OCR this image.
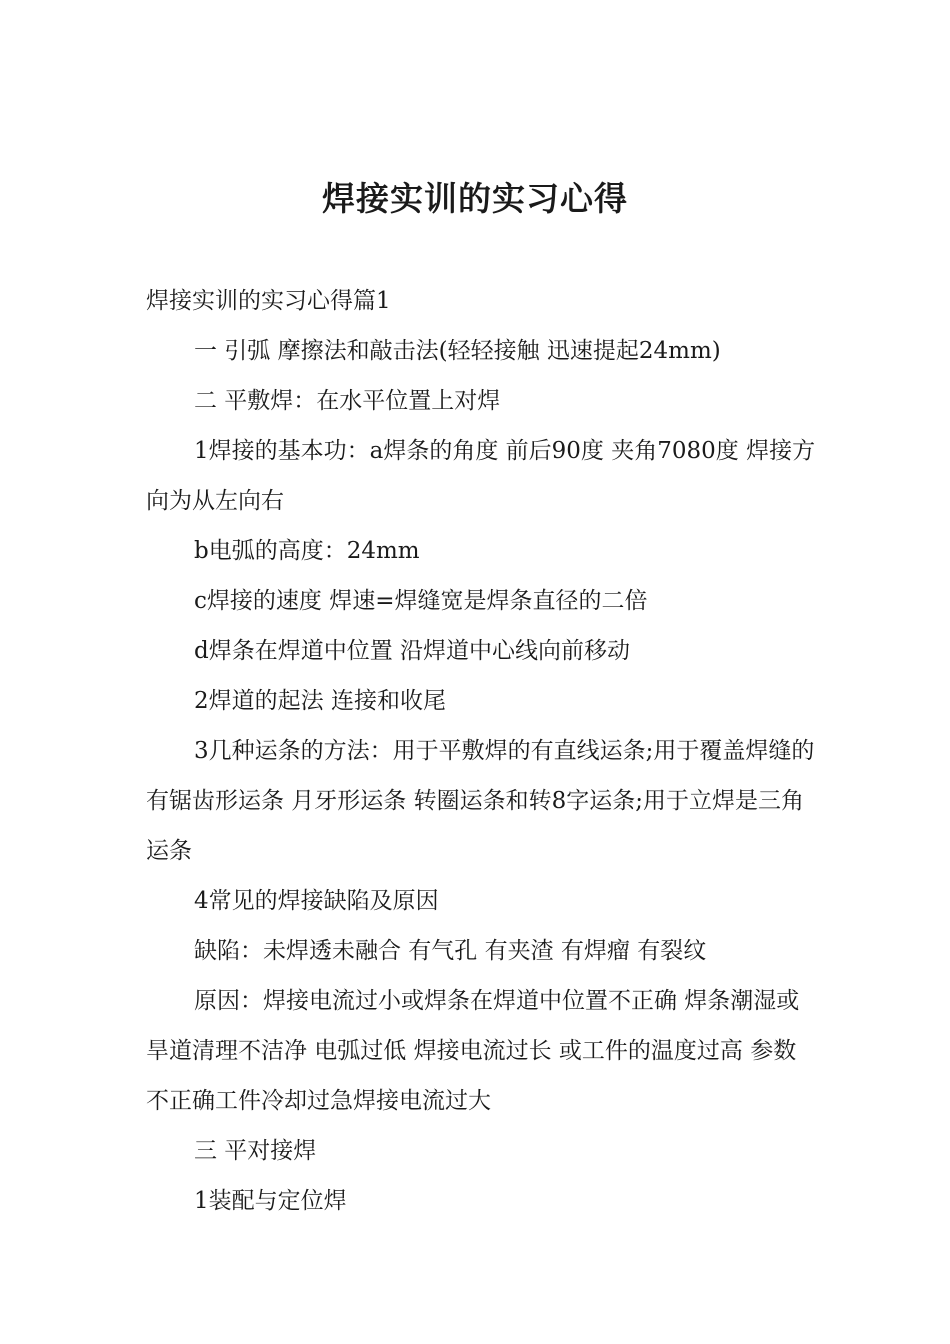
焊接实训的实习心得

焊接实训的实习心得篇1

一 引弧 摩擦法和敲击法(轻轻接触 迅速提起24mm)

二 平敷焊：在水平位置上对焊

1焊接的基本功：a焊条的角度 前后90度 夹角7080度 焊接方向为从左向右

b电弧的高度：24mm

c焊接的速度 焊速=焊缝宽是焊条直径的二倍

d焊条在焊道中位置 沿焊道中心线向前移动

2焊道的起法 连接和收尾

3几种运条的方法：用于平敷焊的有直线运条;用于覆盖焊缝的有锯齿形运条 月牙形运条 转圈运条和转8字运条;用于立焊是三角运条

4常见的焊接缺陷及原因

缺陷：未焊透未融合 有气孔 有夹渣 有焊瘤 有裂纹

原因：焊接电流过小或焊条在焊道中位置不正确 焊条潮湿或旱道清理不洁净 电弧过低 焊接电流过长 或工件的温度过高 参数不正确工件冷却过急焊接电流过大

三 平对接焊

1装配与定位焊
